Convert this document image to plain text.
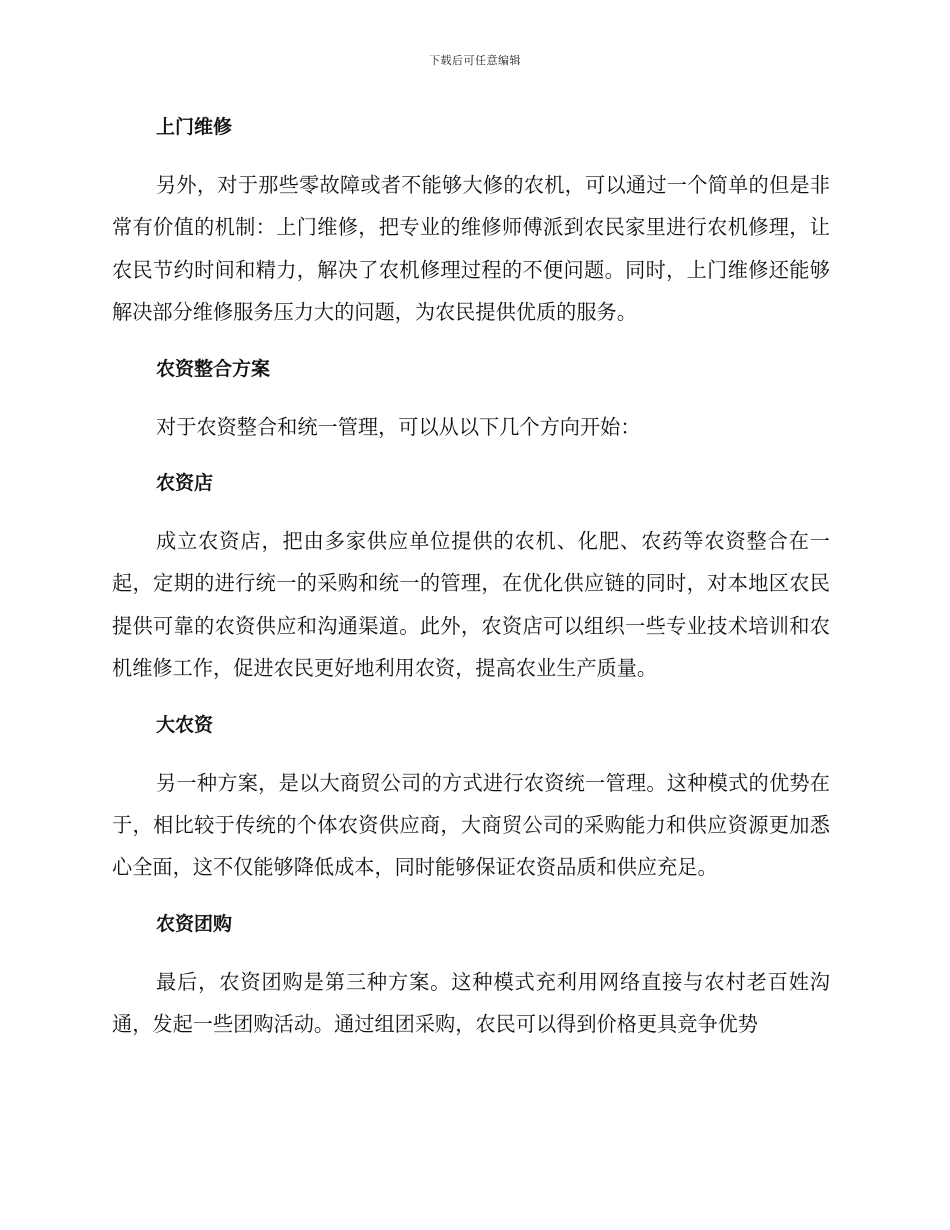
下载后可任意编辑
上门维修

另外，对于那些零故障或者不能够大修的农机，可以通过一个简单的但是非常有价值的机制：上门维修，把专业的维修师傅派到农民家里进行农机修理，让农民节约时间和精力，解决了农机修理过程的不便问题。同时，上门维修还能够解决部分维修服务压力大的问题，为农民提供优质的服务。

农资整合方案

对于农资整合和统一管理，可以从以下几个方向开始：

农资店

成立农资店，把由多家供应单位提供的农机、化肥、农药等农资整合在一起，定期的进行统一的采购和统一的管理，在优化供应链的同时，对本地区农民提供可靠的农资供应和沟通渠道。此外，农资店可以组织一些专业技术培训和农机维修工作，促进农民更好地利用农资，提高农业生产质量。

大农资

另一种方案，是以大商贸公司的方式进行农资统一管理。这种模式的优势在于，相比较于传统的个体农资供应商，大商贸公司的采购能力和供应资源更加悉心全面，这不仅能够降低成本，同时能够保证农资品质和供应充足。

农资团购

最后，农资团购是第三种方案。这种模式充利用网络直接与农村老百姓沟通，发起一些团购活动。通过组团采购，农民可以得到价格更具竞争优势
